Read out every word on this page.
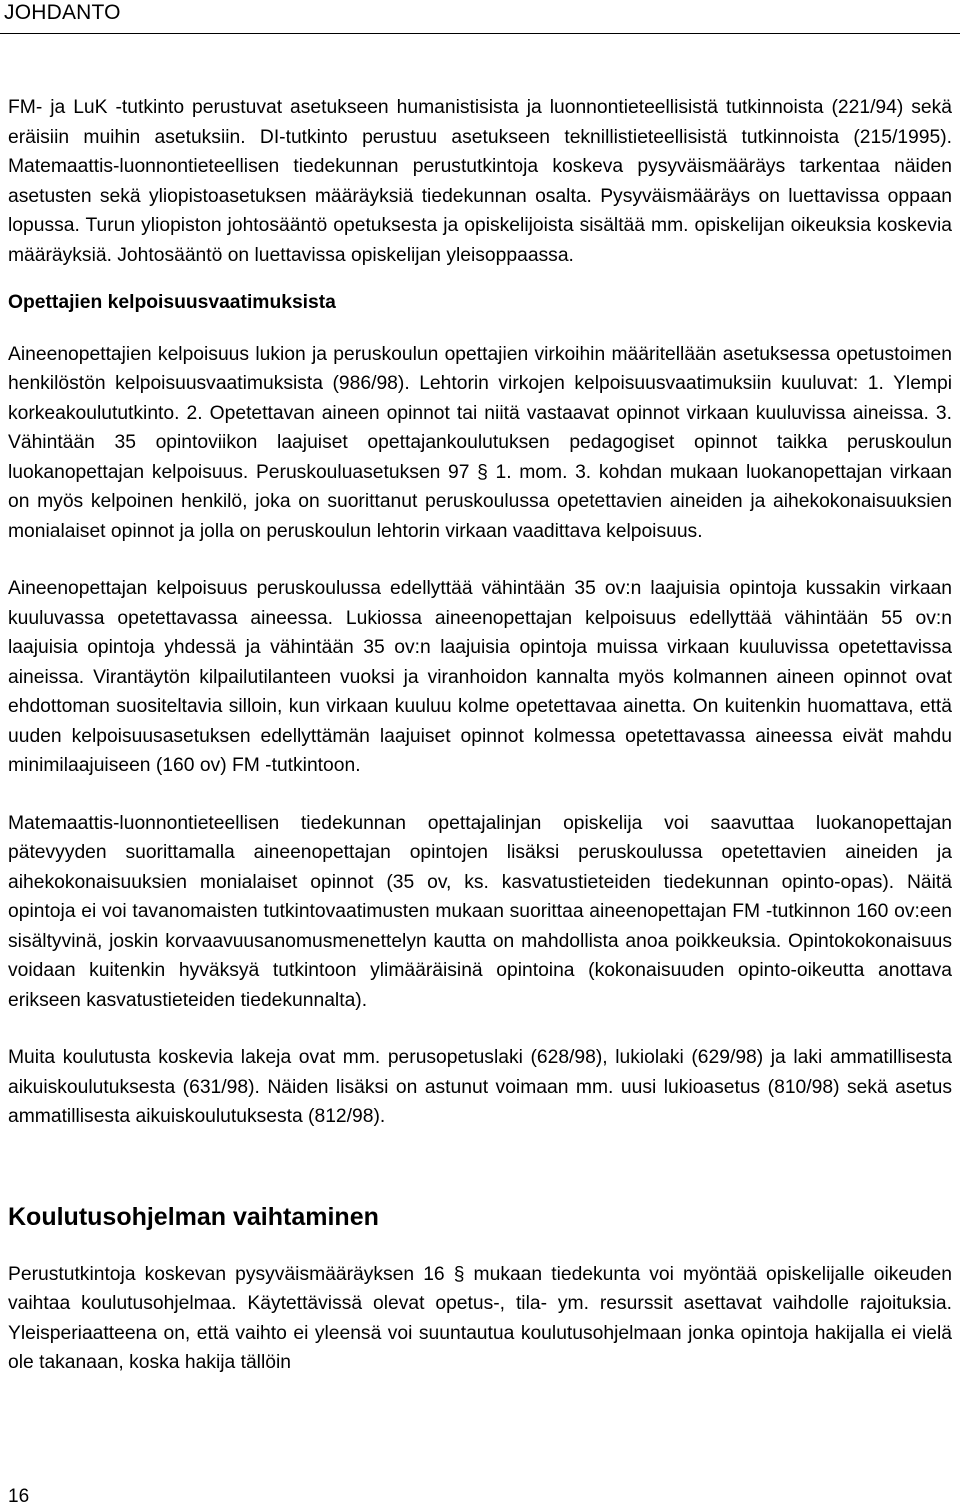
JOHDANTO

FM- ja LuK -tutkinto perustuvat asetukseen humanistisista ja luonnontieteellisistä tutkinnoista (221/94) sekä eräisiin muihin asetuksiin. DI-tutkinto perustuu asetukseen teknillistieteellisistä tutkinnoista (215/1995). Matemaattis-luonnontieteellisen tiedekunnan perustutkintoja koskeva pysyväismääräys tarkentaa näiden asetusten sekä yliopistoasetuksen määräyksiä tiedekunnan osalta. Pysyväismääräys on luettavissa oppaan lopussa. Turun yliopiston johtosääntö opetuksesta ja opiskelijoista sisältää mm. opiskelijan oikeuksia koskevia määräyksiä. Johtosääntö on luettavissa opiskelijan yleisoppaassa.

Opettajien kelpoisuusvaatimuksista

Aineenopettajien kelpoisuus lukion ja peruskoulun opettajien virkoihin määritellään asetuksessa opetustoimen henkilöstön kelpoisuusvaatimuksista (986/98). Lehtorin virkojen kelpoisuusvaatimuksiin kuuluvat: 1. Ylempi korkeakoulututkinto. 2. Opetettavan aineen opinnot tai niitä vastaavat opinnot virkaan kuuluvissa aineissa. 3. Vähintään 35 opintoviikon laajuiset opettajankoulutuksen pedagogiset opinnot taikka peruskoulun luokanopettajan kelpoisuus. Peruskouluasetuksen 97 § 1. mom. 3. kohdan mukaan luokanopettajan virkaan on myös kelpoinen henkilö, joka on suorittanut peruskoulussa opetettavien aineiden ja aihekokonaisuuksien monialaiset opinnot ja jolla on peruskoulun lehtorin virkaan vaadittava kelpoisuus.

Aineenopettajan kelpoisuus peruskoulussa edellyttää vähintään 35 ov:n laajuisia opintoja kussakin virkaan kuuluvassa opetettavassa aineessa. Lukiossa aineenopettajan kelpoisuus edellyttää vähintään 55 ov:n laajuisia opintoja yhdessä ja vähintään 35 ov:n laajuisia opintoja muissa virkaan kuuluvissa opetettavissa aineissa. Virantäytön kilpailutilanteen vuoksi ja viranhoidon kannalta myös kolmannen aineen opinnot ovat ehdottoman suositeltavia silloin, kun virkaan kuuluu kolme opetettavaa ainetta. On kuitenkin huomattava, että uuden kelpoisuusasetuksen edellyttämän laajuiset opinnot kolmessa opetettavassa aineessa eivät mahdu minimilaajuiseen (160 ov) FM -tutkintoon.

Matemaattis-luonnontieteellisen tiedekunnan opettajalinjan opiskelija voi saavuttaa luokanopettajan pätevyyden suorittamalla aineenopettajan opintojen lisäksi peruskoulussa opetettavien aineiden ja aihekokonaisuuksien monialaiset opinnot (35 ov, ks. kasvatustieteiden tiedekunnan opinto-opas). Näitä opintoja ei voi tavanomaisten tutkintovaatimusten mukaan suorittaa aineenopettajan FM -tutkinnon 160 ov:een sisältyvinä, joskin korvaavuusanomusmenettelyn kautta on mahdollista anoa poikkeuksia. Opintokokonaisuus voidaan kuitenkin hyväksyä tutkintoon ylimääräisinä opintoina (kokonaisuuden opinto-oikeutta anottava erikseen kasvatustieteiden tiedekunnalta).

Muita koulutusta koskevia lakeja ovat mm. perusopetuslaki (628/98), lukiolaki (629/98) ja laki ammatillisesta aikuiskoulutuksesta (631/98). Näiden lisäksi on astunut voimaan mm. uusi lukioasetus (810/98) sekä asetus ammatillisesta aikuiskoulutuksesta (812/98).

Koulutusohjelman vaihtaminen

Perustutkintoja koskevan pysyväismääräyksen 16 § mukaan tiedekunta voi myöntää opiskelijalle oikeuden vaihtaa koulutusohjelmaa. Käytettävissä olevat opetus-, tila- ym. resurssit asettavat vaihdolle rajoituksia. Yleisperiaatteena on, että vaihto ei yleensä voi suuntautua koulutusohjelmaan jonka opintoja hakijalla ei vielä ole takanaan, koska hakija tällöin

16
